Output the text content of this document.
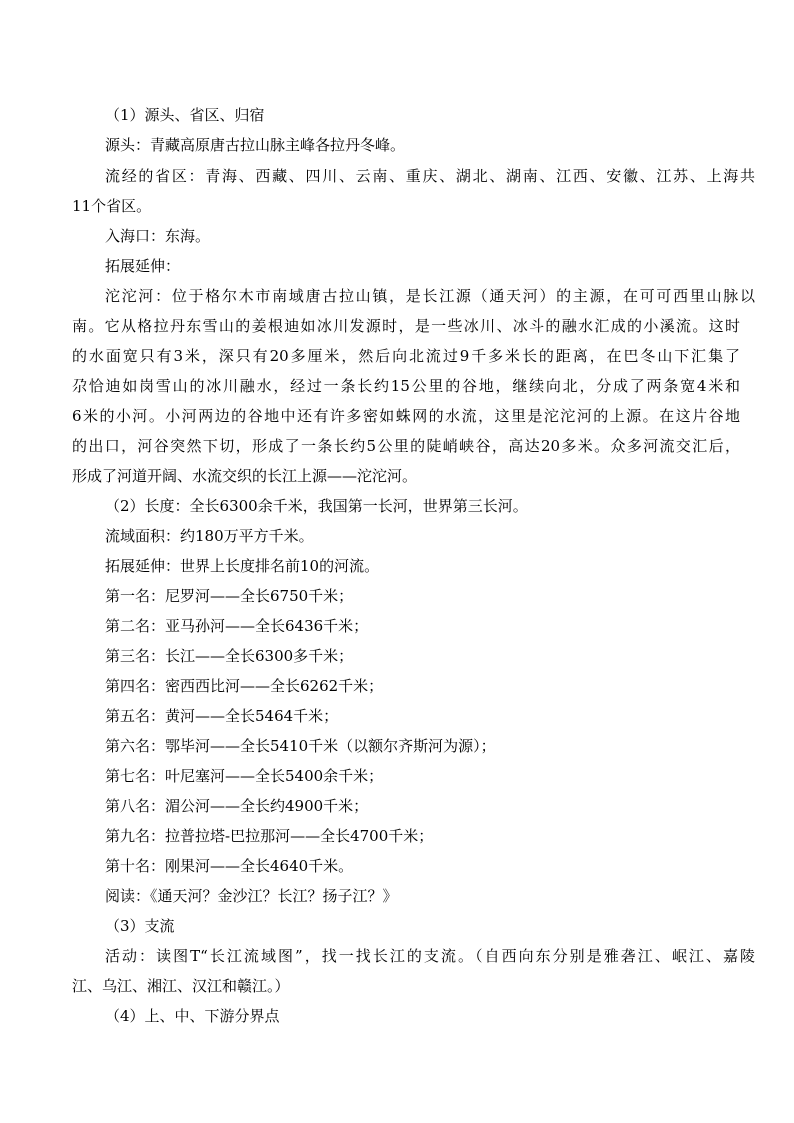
（1）源头、省区、归宿
源头：青藏高原唐古拉山脉主峰各拉丹冬峰。
流经的省区：青海、西藏、四川、云南、重庆、湖北、湖南、江西、安徽、江苏、上海共
11个省区。
入海口：东海。
拓展延伸：
沱沱河：位于格尔木市南域唐古拉山镇，是长江源（通天河）的主源，在可可西里山脉以
南。它从格拉丹东雪山的姜根迪如冰川发源时，是一些冰川、冰斗的融水汇成的小溪流。这时
的水面宽只有3米，深只有20多厘米，然后向北流过9千多米长的距离，在巴冬山下汇集了
尕恰迪如岗雪山的冰川融水，经过一条长约15公里的谷地，继续向北，分成了两条宽4米和
6米的小河。小河两边的谷地中还有许多密如蛛网的水流，这里是沱沱河的上源。在这片谷地
的出口，河谷突然下切，形成了一条长约5公里的陡峭峡谷，高达20多米。众多河流交汇后，
形成了河道开阔、水流交织的长江上源——沱沱河。
（2）长度：全长6300余千米，我国第一长河，世界第三长河。
流域面积：约180万平方千米。
拓展延伸：世界上长度排名前10的河流。
第一名：尼罗河——全长6750千米；
第二名：亚马孙河——全长6436千米；
第三名：长江——全长6300多千米；
第四名：密西西比河——全长6262千米；
第五名：黄河——全长5464千米；
第六名：鄂毕河——全长5410千米（以额尔齐斯河为源）；
第七名：叶尼塞河——全长5400余千米；
第八名：湄公河——全长约4900千米；
第九名：拉普拉塔-巴拉那河——全长4700千米；
第十名：刚果河——全长4640千米。
阅读：《通天河？金沙江？长江？扬子江？》
（3）支流
活动：读图T“长江流域图”，找一找长江的支流。（自西向东分别是雅砻江、岷江、嘉陵
江、乌江、湘江、汉江和赣江。）
（4）上、中、下游分界点
